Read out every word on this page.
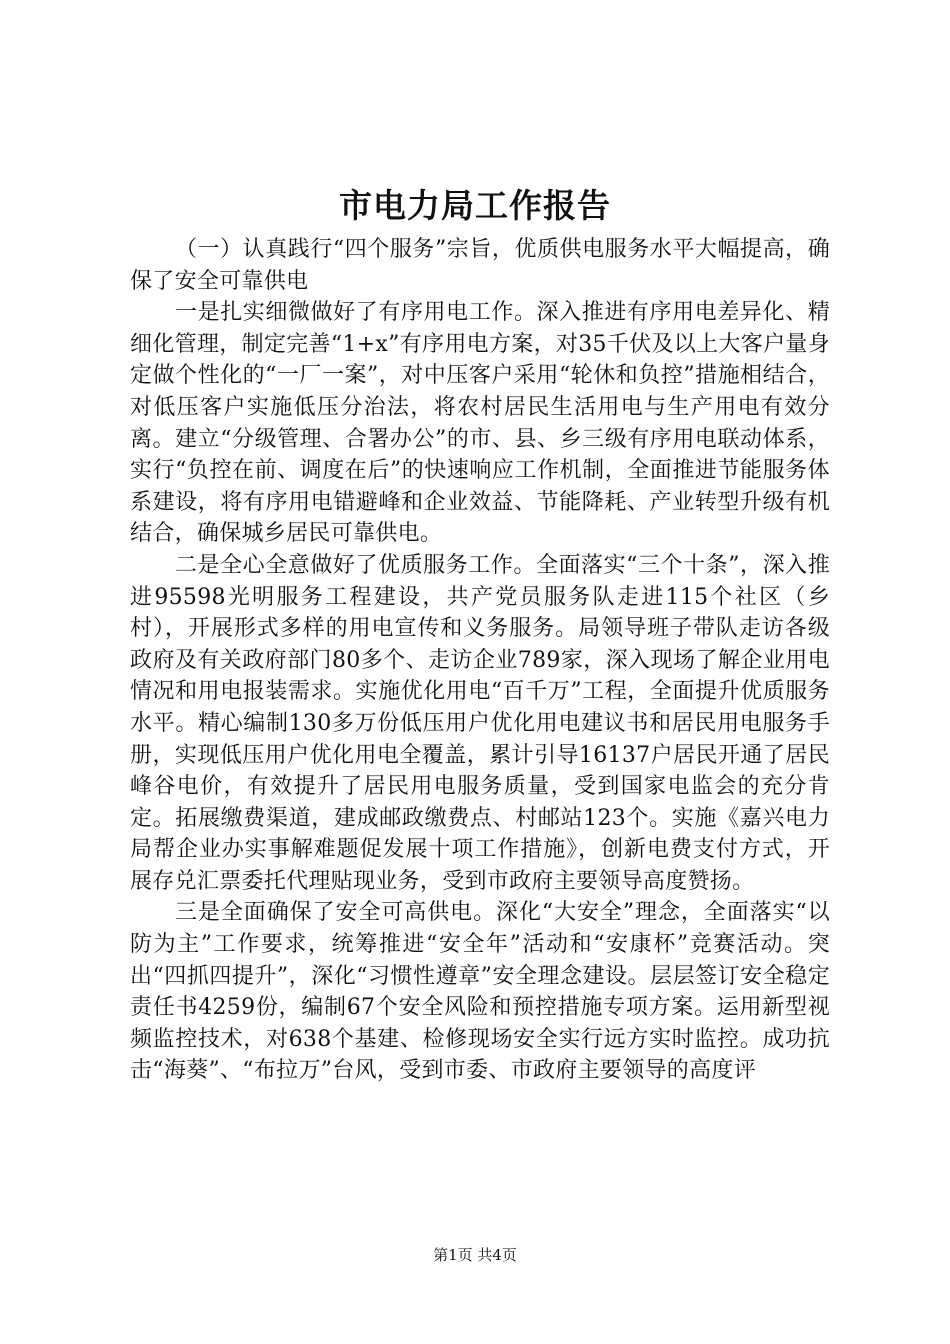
市电力局工作报告

（一）认真践行“四个服务”宗旨，优质供电服务水平大幅提高，确保了安全可靠供电

一是扎实细微做好了有序用电工作。深入推进有序用电差异化、精细化管理，制定完善“1+x”有序用电方案，对35千伏及以上大客户量身定做个性化的“一厂一案”，对中压客户采用“轮休和负控”措施相结合，对低压客户实施低压分治法，将农村居民生活用电与生产用电有效分离。建立“分级管理、合署办公”的市、县、乡三级有序用电联动体系，实行“负控在前、调度在后”的快速响应工作机制，全面推进节能服务体系建设，将有序用电错避峰和企业效益、节能降耗、产业转型升级有机结合，确保城乡居民可靠供电。

二是全心全意做好了优质服务工作。全面落实“三个十条”，深入推进95598光明服务工程建设，共产党员服务队走进115个社区（乡村），开展形式多样的用电宣传和义务服务。局领导班子带队走访各级政府及有关政府部门80多个、走访企业789家，深入现场了解企业用电情况和用电报装需求。实施优化用电“百千万”工程，全面提升优质服务水平。精心编制130多万份低压用户优化用电建议书和居民用电服务手册，实现低压用户优化用电全覆盖，累计引导16137户居民开通了居民峰谷电价，有效提升了居民用电服务质量，受到国家电监会的充分肯定。拓展缴费渠道，建成邮政缴费点、村邮站123个。实施《嘉兴电力局帮企业办实事解难题促发展十项工作措施》，创新电费支付方式，开展存兑汇票委托代理贴现业务，受到市政府主要领导高度赞扬。

三是全面确保了安全可高供电。深化“大安全”理念，全面落实“以防为主”工作要求，统筹推进“安全年”活动和“安康杯”竞赛活动。突出“四抓四提升”，深化“习惯性遵章”安全理念建设。层层签订安全稳定责任书4259份，编制67个安全风险和预控措施专项方案。运用新型视频监控技术，对638个基建、检修现场安全实行远方实时监控。成功抗击“海葵”、“布拉万”台风，受到市委、市政府主要领导的高度评

第1页 共4页
